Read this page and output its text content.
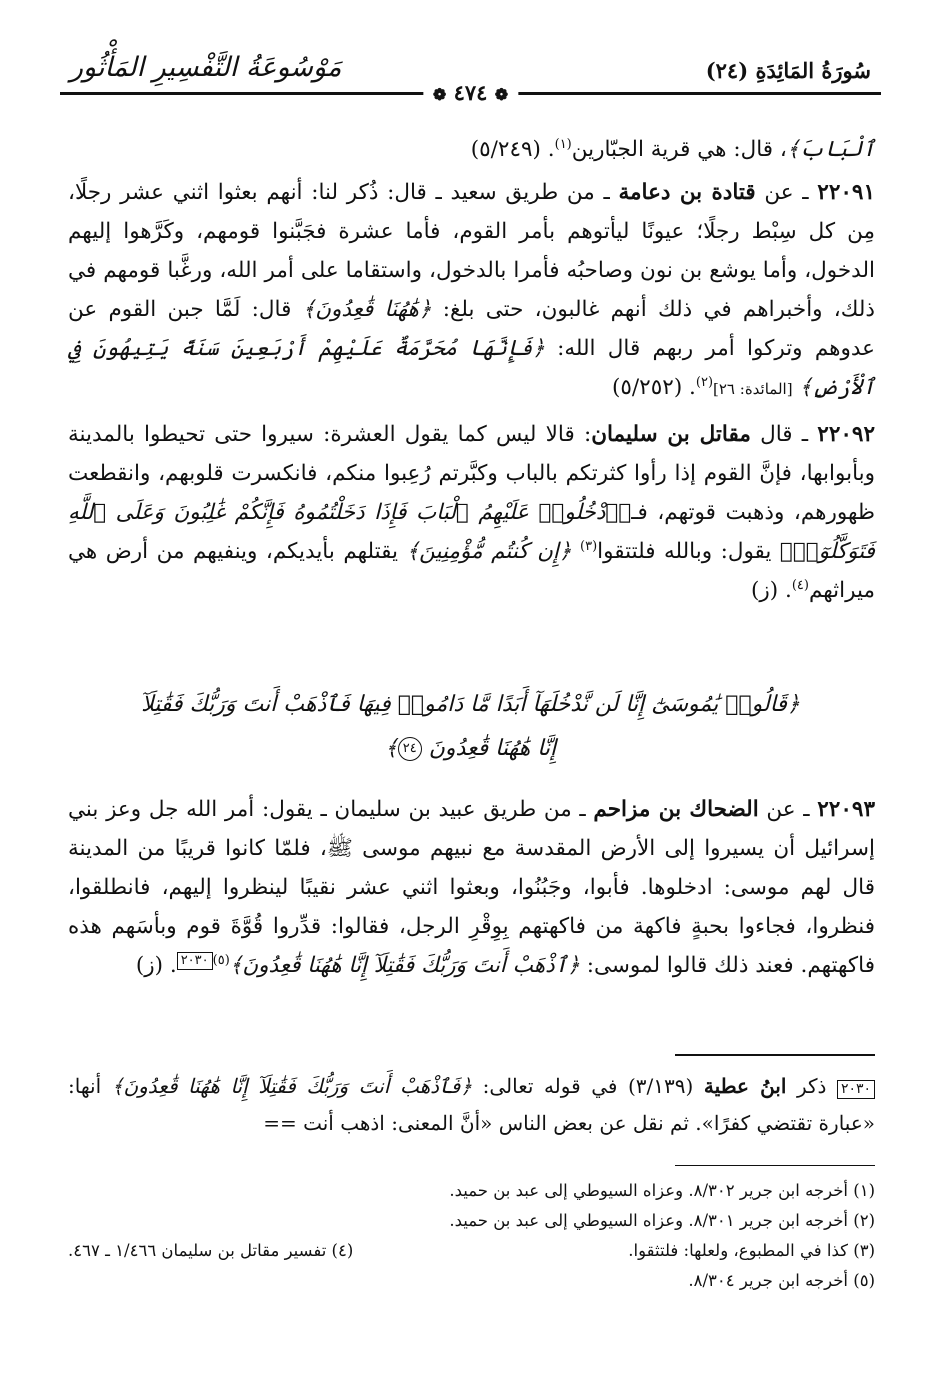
سُورَةُ المَائِدَةِ (٢٤)
مَوْسُوعَةُ التَّفْسِيرِ المَأْثُور
❁ ٤٧٤ ❁

ٱلْبَابَ﴾، قال: هي قرية الجبّارين$^{(١)}$. (٥/٢٤٩)

٢٢٠٩١ ـ عن قتادة بن دعامة ـ من طريق سعيد ـ قال: ذُكر لنا: أنهم بعثوا اثني عشر رجلًا، مِن كل سِبْط رجلًا؛ عيونًا ليأتوهم بأمر القوم، فأما عشرة فجَبَّنوا قومهم، وكَرَّهوا إليهم الدخول، وأما يوشع بن نون وصاحبُه فأمرا بالدخول، واستقاما على أمر الله، ورغَّبا قومهم في ذلك، وأخبراهم في ذلك أنهم غالبون، حتى بلغ: ﴿هَٰهُنَا قَٰعِدُونَ﴾ قال: لَمَّا جبن القوم عن عدوهم وتركوا أمر ربهم قال الله: ﴿فَإِنَّهَا مُحَرَّمَةٌ عَلَيْهِمْ أَرْبَعِينَ سَنَةً يَتِيهُونَ فِي ٱلْأَرْضِ﴾ [المائدة: ٢٦]$^{(٢)}$. (٥/٢٥٢)

٢٢٠٩٢ ـ قال مقاتل بن سليمان: قالا ليس كما يقول العشرة: سيروا حتى تحيطوا بالمدينة وبأبوابها، فإنَّ القوم إذا رأوا كثرتكم بالباب وكبَّرتم رُعِبوا منكم، فانكسرت قلوبهم، وانقطعت ظهورهم، وذهبت قوتهم، فـ﴿ٱدْخُلُوا۟ عَلَيْهِمُ ٱلْبَابَ فَإِذَا دَخَلْتُمُوهُ فَإِنَّكُمْ غَٰلِبُونَ وَعَلَى ٱللَّهِ فَتَوَكَّلُوٓا۟﴾ يقول: وبالله فلتتقوا$^{(٣)}$ ﴿إِن كُنتُم مُّؤْمِنِينَ﴾ يقتلهم بأيديكم، وينفيهم من أرض هي ميراثهم$^{(٤)}$. (ز)

﴿قَالُوا۟ يَٰمُوسَىٰٓ إِنَّا لَن نَّدْخُلَهَآ أَبَدًا مَّا دَامُوا۟ فِيهَا فَٱذْهَبْ أَنتَ وَرَبُّكَ فَقَٰتِلَآ
إِنَّا هَٰهُنَا قَٰعِدُونَ ٢٤﴾

٢٢٠٩٣ ـ عن الضحاك بن مزاحم ـ من طريق عبيد بن سليمان ـ يقول: أمر الله جل وعز بني إسرائيل أن يسيروا إلى الأرض المقدسة مع نبيهم موسى ﷺ، فلمّا كانوا قريبًا من المدينة قال لهم موسى: ادخلوها. فأبوا، وجَبُنُوا، وبعثوا اثني عشر نقيبًا لينظروا إليهم، فانطلقوا، فنظروا، فجاءوا بحبةٍ فاكهة من فاكهتهم بِوِقْرِ الرجل، فقالوا: قدِّروا قُوَّةَ قوم وبأسَهم هذه فاكهتهم. فعند ذلك قالوا لموسى: ﴿ٱذْهَبْ أَنتَ وَرَبُّكَ فَقَٰتِلَآ إِنَّا هَٰهُنَا قَٰعِدُونَ﴾$^{(٥)}$٢٠٣٠. (ز)

٢٠٣٠ ذكر ابنُ عطية (٣/١٣٩) في قوله تعالى: ﴿فَٱذْهَبْ أَنتَ وَرَبُّكَ فَقَٰتِلَآ إِنَّا هَٰهُنَا قَٰعِدُونَ﴾ أنها: «عبارة تقتضي كفرًا». ثم نقل عن بعض الناس «أنَّ المعنى: اذهب أنت ==

(١) أخرجه ابن جرير ٨/٣٠٢. وعزاه السيوطي إلى عبد بن حميد.
(٢) أخرجه ابن جرير ٨/٣٠١. وعزاه السيوطي إلى عبد بن حميد.
(٣) كذا في المطبوع، ولعلها: فلتثقوا.
(٤) تفسير مقاتل بن سليمان ١/٤٦٦ ـ ٤٦٧.
(٥) أخرجه ابن جرير ٨/٣٠٤.
